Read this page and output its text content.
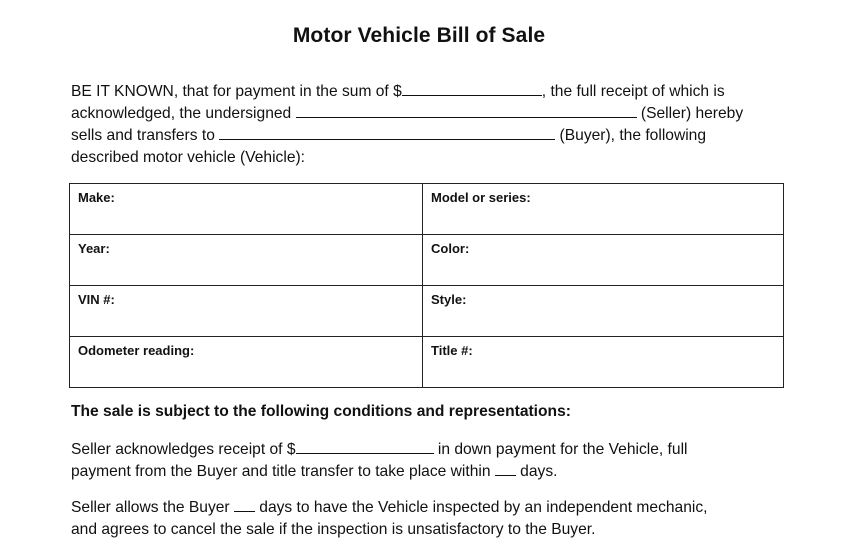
Motor Vehicle Bill of Sale
BE IT KNOWN, that for payment in the sum of $	, the full receipt of which is
acknowledged, the undersigned	(Seller) hereby
sells and transfers to	(Buyer), the following
described motor vehicle (Vehicle):
Make:	Model or series:
Year:	Color:
VIN #:	Style:
Odometer reading:	Title #:
The sale is subject to the following conditions and representations:
Seller acknowledges receipt of $	in down payment for the Vehicle, full
payment from the Buyer and title transfer to take place within  days.
Seller allows the Buyer  days to have the Vehicle inspected by an independent mechanic,
and agrees to cancel the sale if the inspection is unsatisfactory to the Buyer.
